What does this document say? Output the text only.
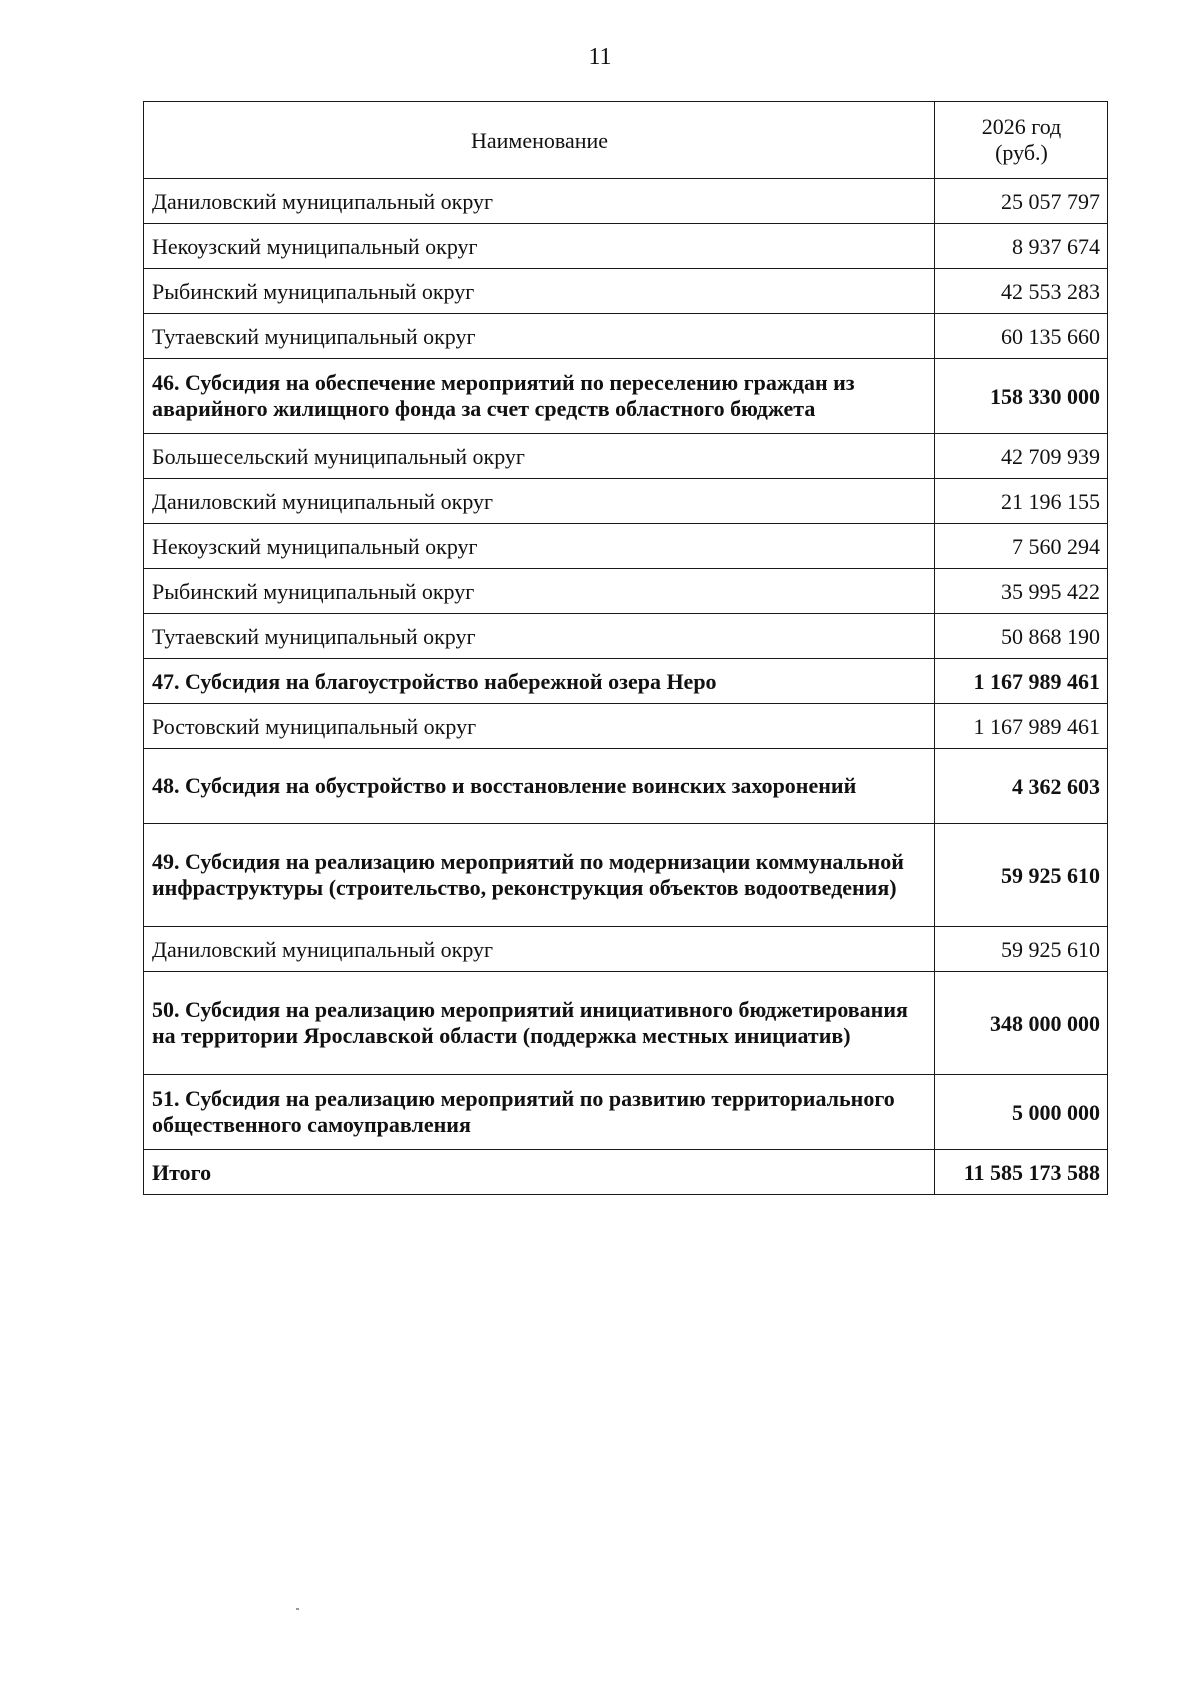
11
Наименование	2026 год
(руб.)
Даниловский муниципальный округ	25 057 797
Некоузский муниципальный округ	8 937 674
Рыбинский муниципальный округ	42 553 283
Тутаевский муниципальный округ	60 135 660
46. Субсидия на обеспечение мероприятий по переселению граждан из аварийного жилищного фонда за счет средств областного бюджета	158 330 000
Большесельский муниципальный округ	42 709 939
Даниловский муниципальный округ	21 196 155
Некоузский муниципальный округ	7 560 294
Рыбинский муниципальный округ	35 995 422
Тутаевский муниципальный округ	50 868 190
47. Субсидия на благоустройство набережной озера Неро	1 167 989 461
Ростовский муниципальный округ	1 167 989 461
48. Субсидия на обустройство и восстановление воинских захоронений	4 362 603
49. Субсидия на реализацию мероприятий по модернизации коммунальной инфраструктуры (строительство, реконструкция объектов водоотведения)	59 925 610
Даниловский муниципальный округ	59 925 610
50. Субсидия на реализацию мероприятий инициативного бюджетирования на территории Ярославской области (поддержка местных инициатив)	348 000 000
51. Субсидия на реализацию мероприятий по развитию территориального общественного самоуправления	5 000 000
Итого	11 585 173 588
